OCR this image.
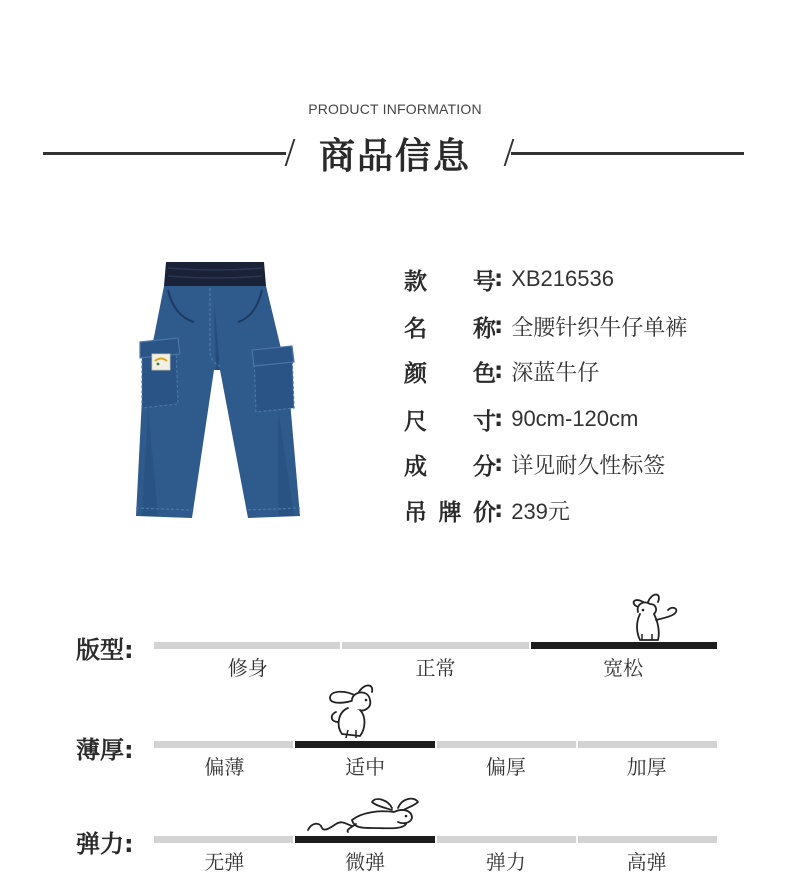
PRODUCT INFORMATION
商品信息
款 号
: XB216536
名 称
: 全腰针织牛仔单裤
颜 色
: 深蓝牛仔
尺 寸
: 90cm-120cm
成 分
: 详见耐久性标签
吊牌价
: 239元
版型:
修身	正常	宽松
薄厚:
偏薄	适中	偏厚	加厚
弹力:
无弹	微弹	弹力	高弹
